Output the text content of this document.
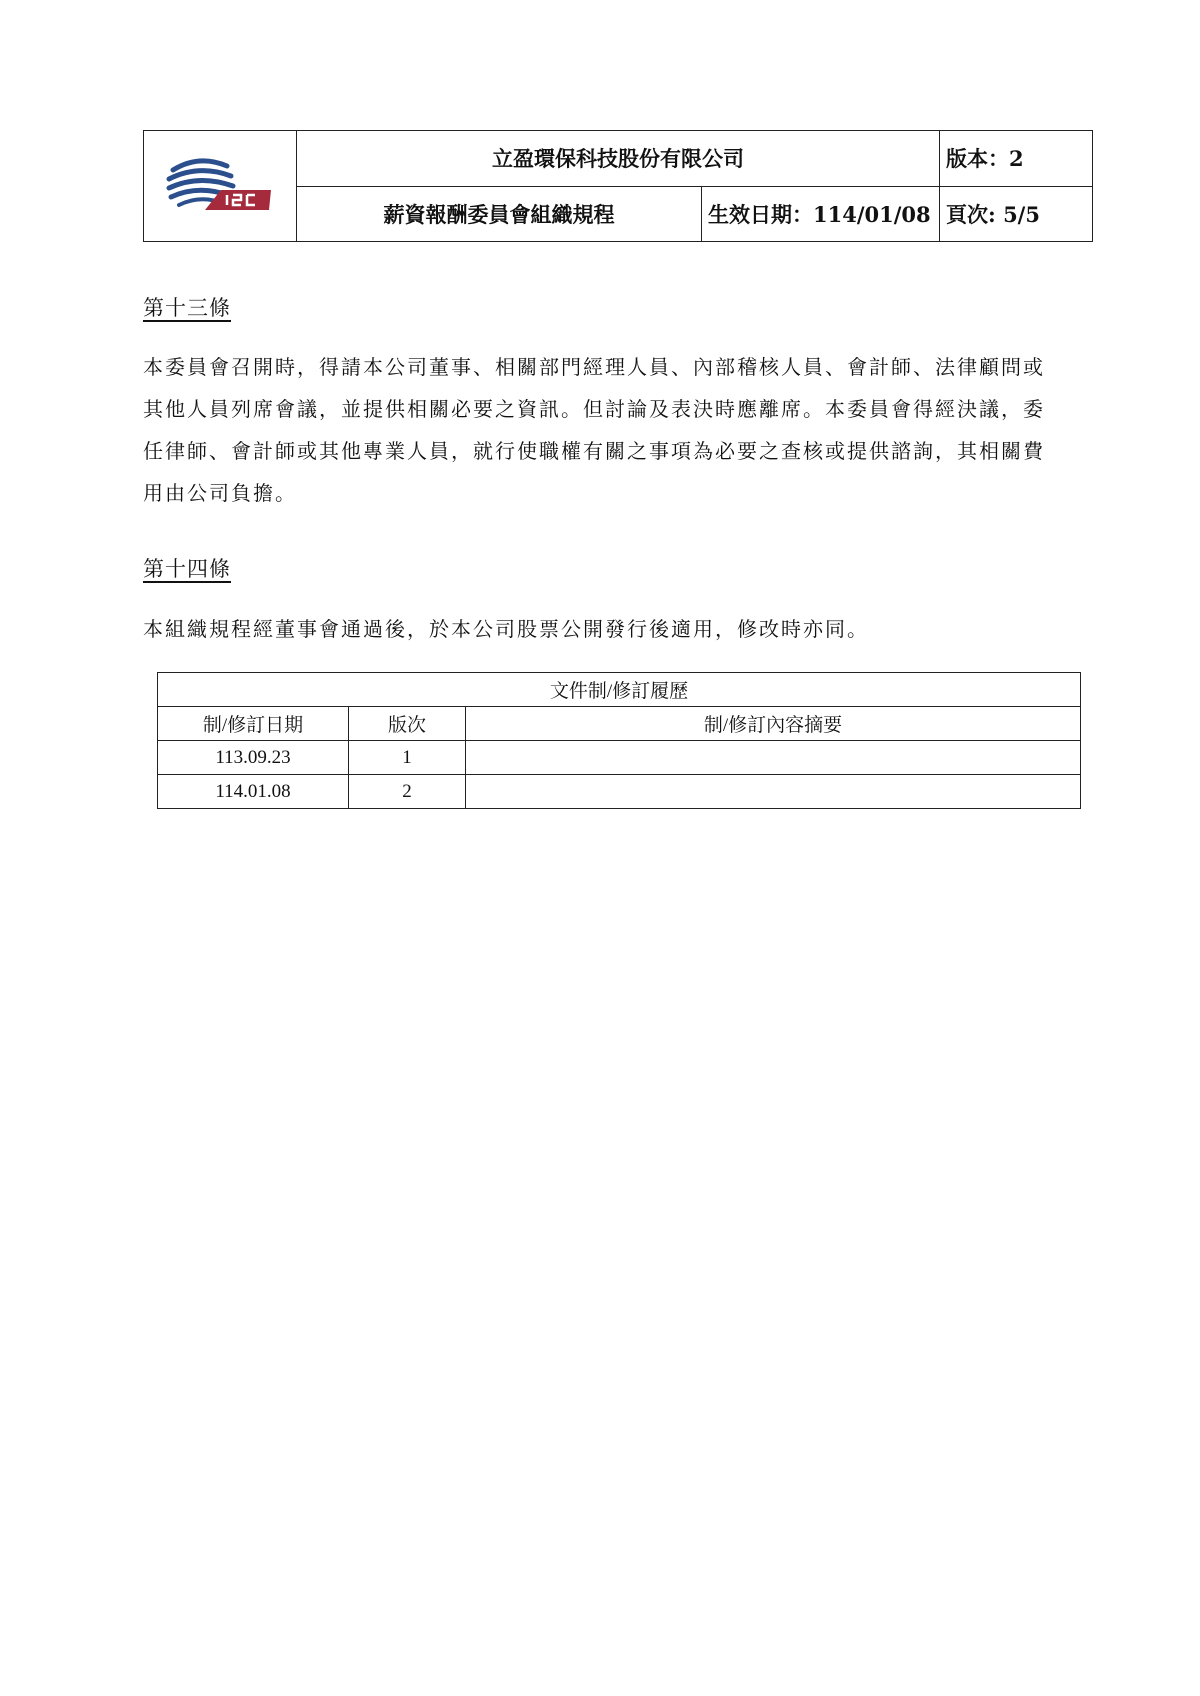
	立盈環保科技股份有限公司		版本：2
	薪資報酬委員會組織規程	生效日期：114/01/08	頁次: 5/5
第十三條

本委員會召開時，得請本公司董事、相關部門經理人員、內部稽核人員、會計師、法律顧問或
其他人員列席會議，並提供相關必要之資訊。但討論及表決時應離席。本委員會得經決議，委
任律師、會計師或其他專業人員，就行使職權有關之事項為必要之查核或提供諮詢，其相關費
用由公司負擔。

第十四條

本組織規程經董事會通過後，於本公司股票公開發行後適用，修改時亦同。

文件制/修訂履歷		
制/修訂日期	版次	制/修訂內容摘要
113.09.23	1	
114.01.08	2	
